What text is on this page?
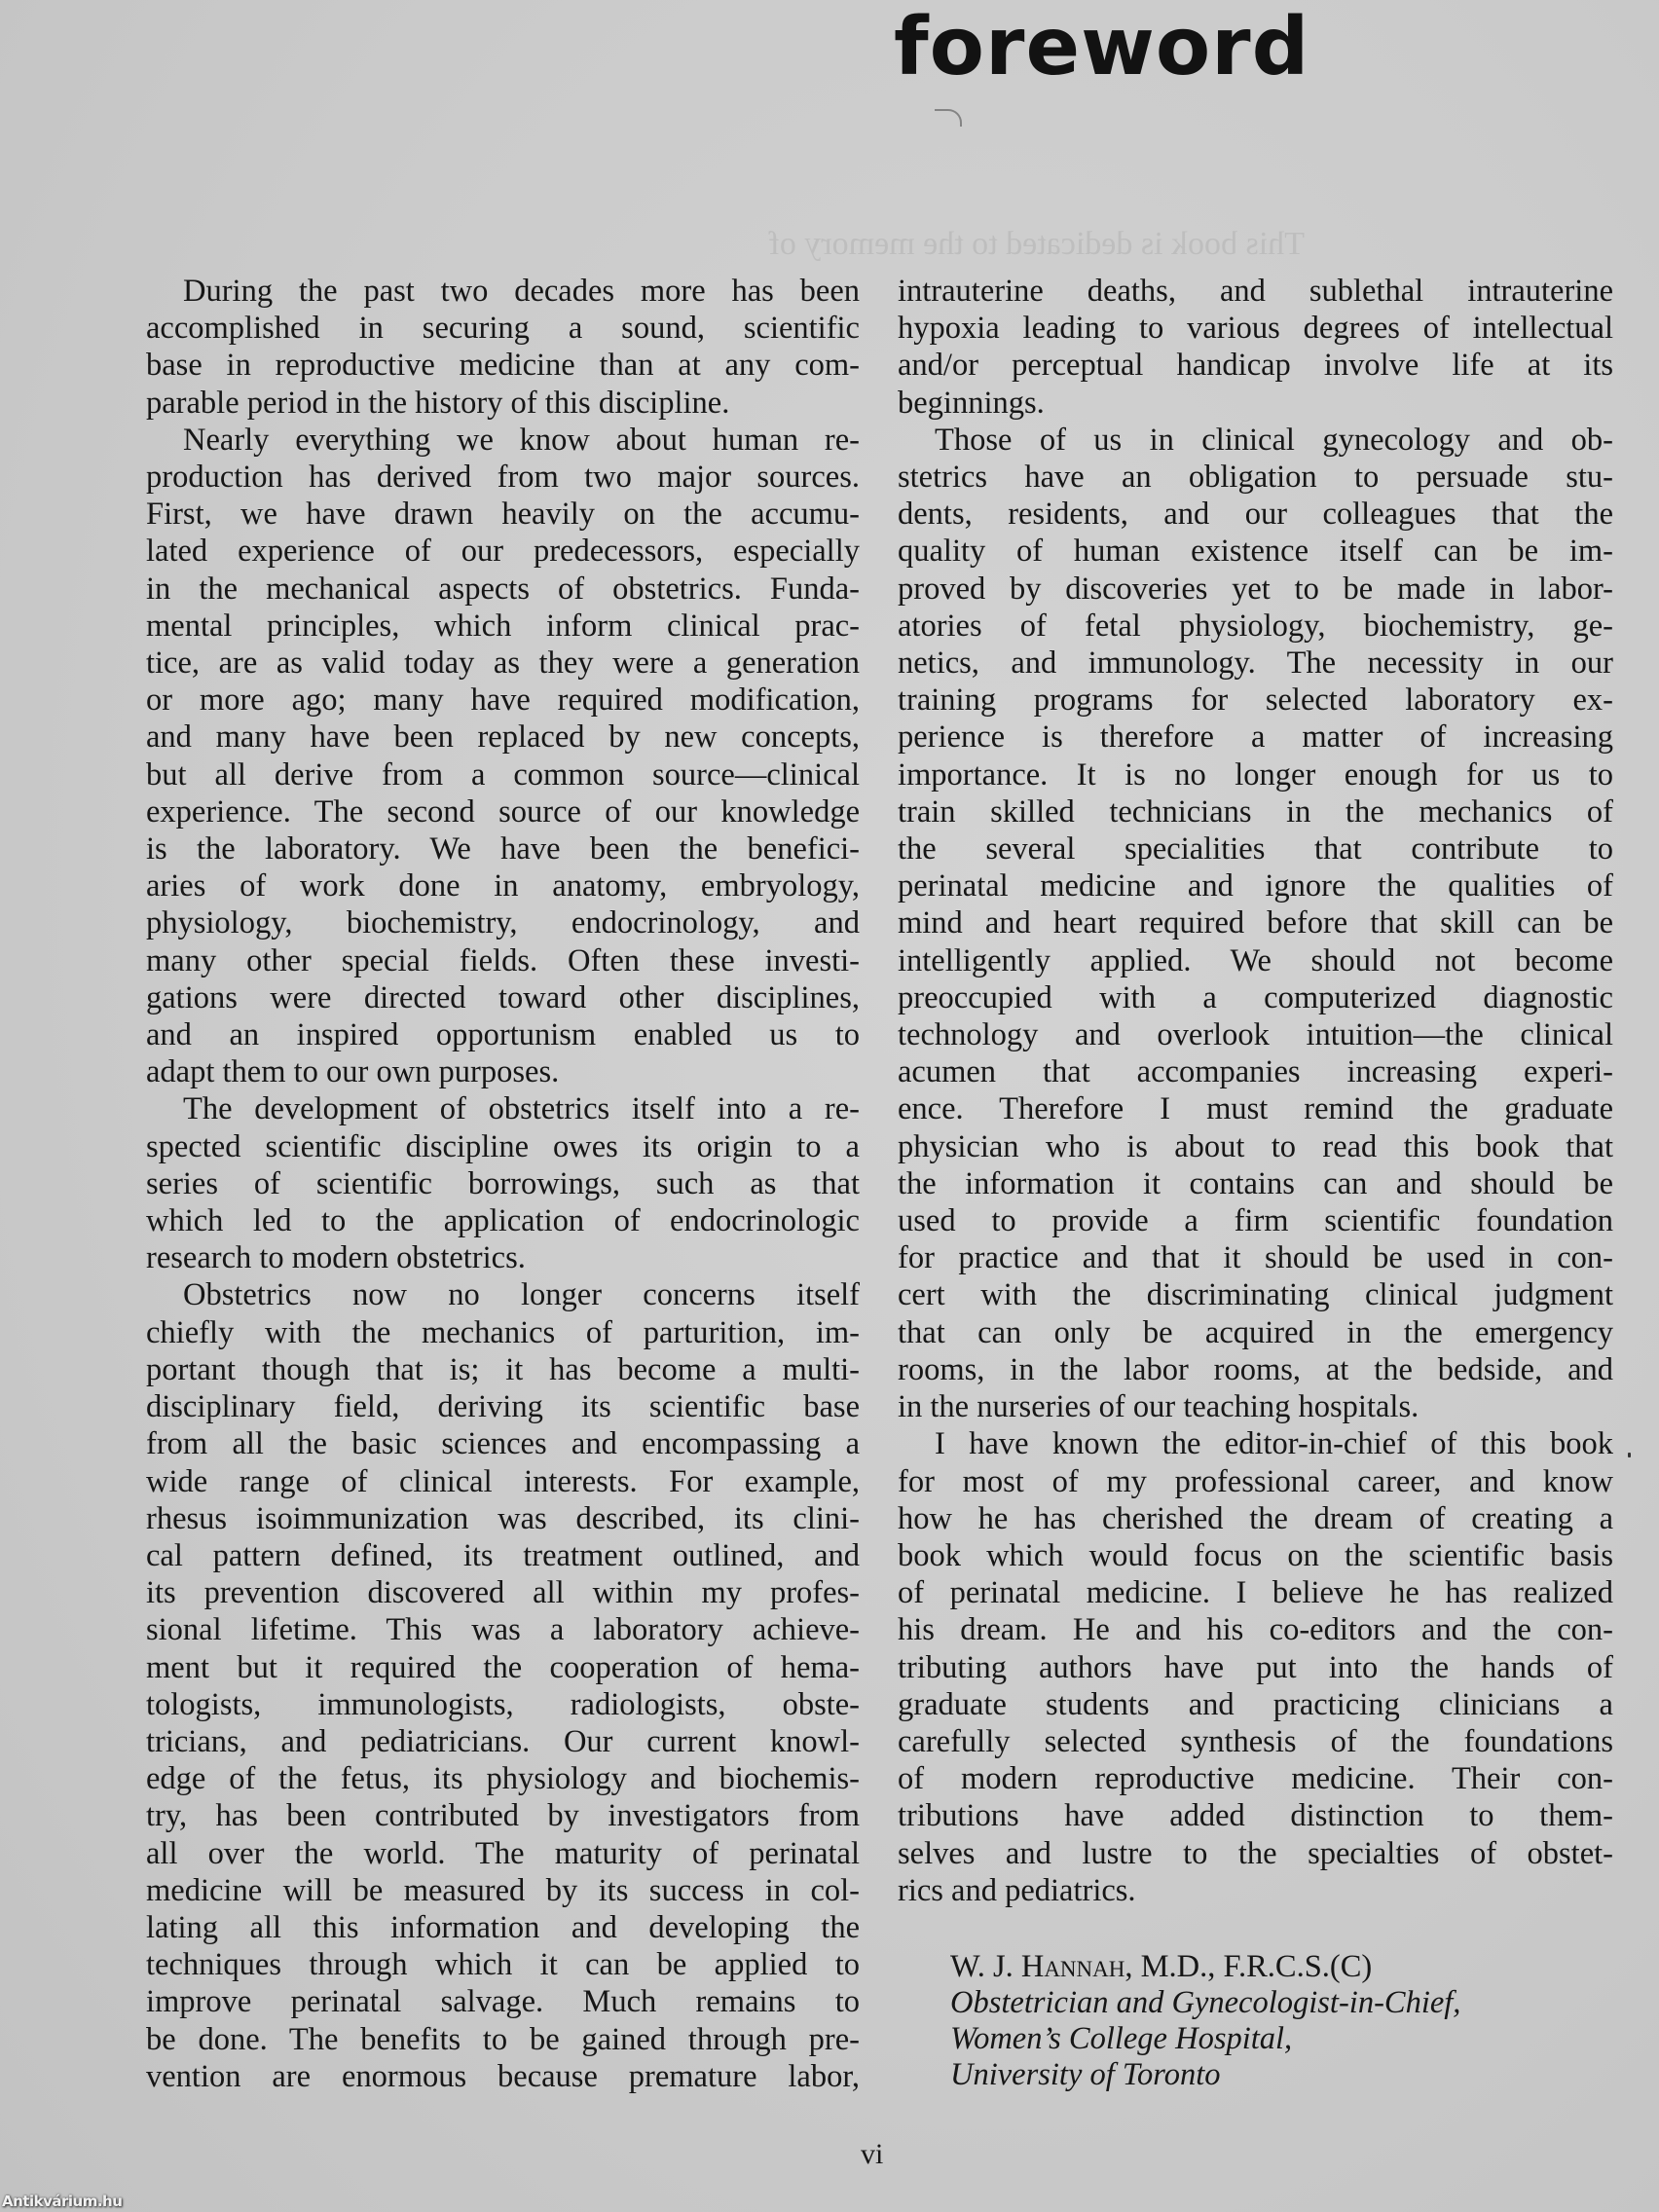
This book is dedicated to the memory of
foreword
During the past two decades more has been
accomplished in securing a sound, scientific
base in reproductive medicine than at any com-
parable period in the history of this discipline.
Nearly everything we know about human re-
production has derived from two major sources.
First, we have drawn heavily on the accumu-
lated experience of our predecessors, especially
in the mechanical aspects of obstetrics. Funda-
mental principles, which inform clinical prac-
tice, are as valid today as they were a generation
or more ago; many have required modification,
and many have been replaced by new concepts,
but all derive from a common source—clinical
experience. The second source of our knowledge
is the laboratory. We have been the benefici-
aries of work done in anatomy, embryology,
physiology, biochemistry, endocrinology, and
many other special fields. Often these investi-
gations were directed toward other disciplines,
and an inspired opportunism enabled us to
adapt them to our own purposes.
The development of obstetrics itself into a re-
spected scientific discipline owes its origin to a
series of scientific borrowings, such as that
which led to the application of endocrinologic
research to modern obstetrics.
Obstetrics now no longer concerns itself
chiefly with the mechanics of parturition, im-
portant though that is; it has become a multi-
disciplinary field, deriving its scientific base
from all the basic sciences and encompassing a
wide range of clinical interests. For example,
rhesus isoimmunization was described, its clini-
cal pattern defined, its treatment outlined, and
its prevention discovered all within my profes-
sional lifetime. This was a laboratory achieve-
ment but it required the cooperation of hema-
tologists, immunologists, radiologists, obste-
tricians, and pediatricians. Our current knowl-
edge of the fetus, its physiology and biochemis-
try, has been contributed by investigators from
all over the world. The maturity of perinatal
medicine will be measured by its success in col-
lating all this information and developing the
techniques through which it can be applied to
improve perinatal salvage. Much remains to
be done. The benefits to be gained through pre-
vention are enormous because premature labor,
intrauterine deaths, and sublethal intrauterine
hypoxia leading to various degrees of intellectual
and/or perceptual handicap involve life at its
beginnings.
Those of us in clinical gynecology and ob-
stetrics have an obligation to persuade stu-
dents, residents, and our colleagues that the
quality of human existence itself can be im-
proved by discoveries yet to be made in labor-
atories of fetal physiology, biochemistry, ge-
netics, and immunology. The necessity in our
training programs for selected laboratory ex-
perience is therefore a matter of increasing
importance. It is no longer enough for us to
train skilled technicians in the mechanics of
the several specialities that contribute to
perinatal medicine and ignore the qualities of
mind and heart required before that skill can be
intelligently applied. We should not become
preoccupied with a computerized diagnostic
technology and overlook intuition—the clinical
acumen that accompanies increasing experi-
ence. Therefore I must remind the graduate
physician who is about to read this book that
the information it contains can and should be
used to provide a firm scientific foundation
for practice and that it should be used in con-
cert with the discriminating clinical judgment
that can only be acquired in the emergency
rooms, in the labor rooms, at the bedside, and
in the nurseries of our teaching hospitals.
I have known the editor-in-chief of this book
for most of my professional career, and know
how he has cherished the dream of creating a
book which would focus on the scientific basis
of perinatal medicine. I believe he has realized
his dream. He and his co-editors and the con-
tributing authors have put into the hands of
graduate students and practicing clinicians a
carefully selected synthesis of the foundations
of modern reproductive medicine. Their con-
tributions have added distinction to them-
selves and lustre to the specialties of obstet-
rics and pediatrics.
W. J. Hannah, M.D., F.R.C.S.(C)
Obstetrician and Gynecologist-in-Chief,
Women’s College Hospital,
University of Toronto
vi
Antikvárium.hu
